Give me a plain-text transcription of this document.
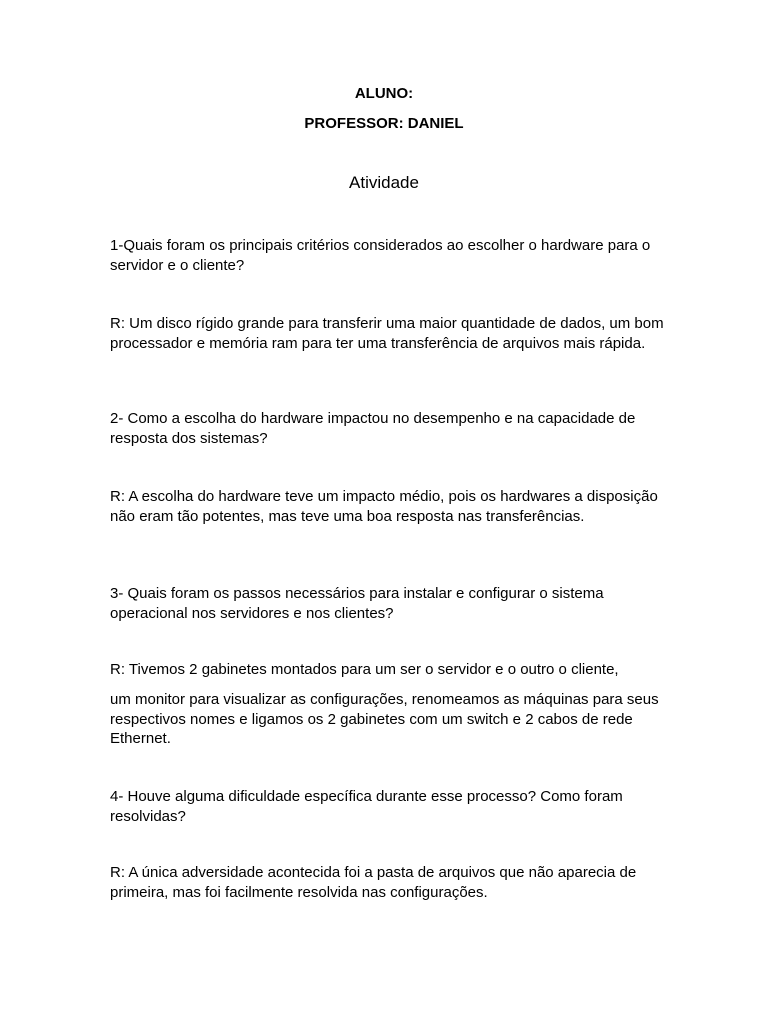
ALUNO:
PROFESSOR: DANIEL
Atividade

1-Quais foram os principais critérios considerados ao escolher o hardware para o servidor e o cliente?

R: Um disco rígido grande para transferir uma maior quantidade de dados, um bom processador e memória ram para ter uma transferência de arquivos mais rápida.

2- Como a escolha do hardware impactou no desempenho e na capacidade de resposta dos sistemas?

R: A escolha do hardware teve um impacto médio, pois os hardwares a disposição não eram tão potentes, mas teve uma boa resposta nas transferências.

3- Quais foram os passos necessários para instalar e configurar o sistema operacional nos servidores e nos clientes?

R: Tivemos 2 gabinetes montados para um ser o servidor e o outro o cliente,

um monitor para visualizar as configurações, renomeamos as máquinas para seus respectivos nomes e ligamos os 2 gabinetes com um switch e 2 cabos de rede Ethernet.

4- Houve alguma dificuldade específica durante esse processo? Como foram resolvidas?

R: A única adversidade acontecida foi a pasta de arquivos que não aparecia de primeira, mas foi facilmente resolvida nas configurações.
